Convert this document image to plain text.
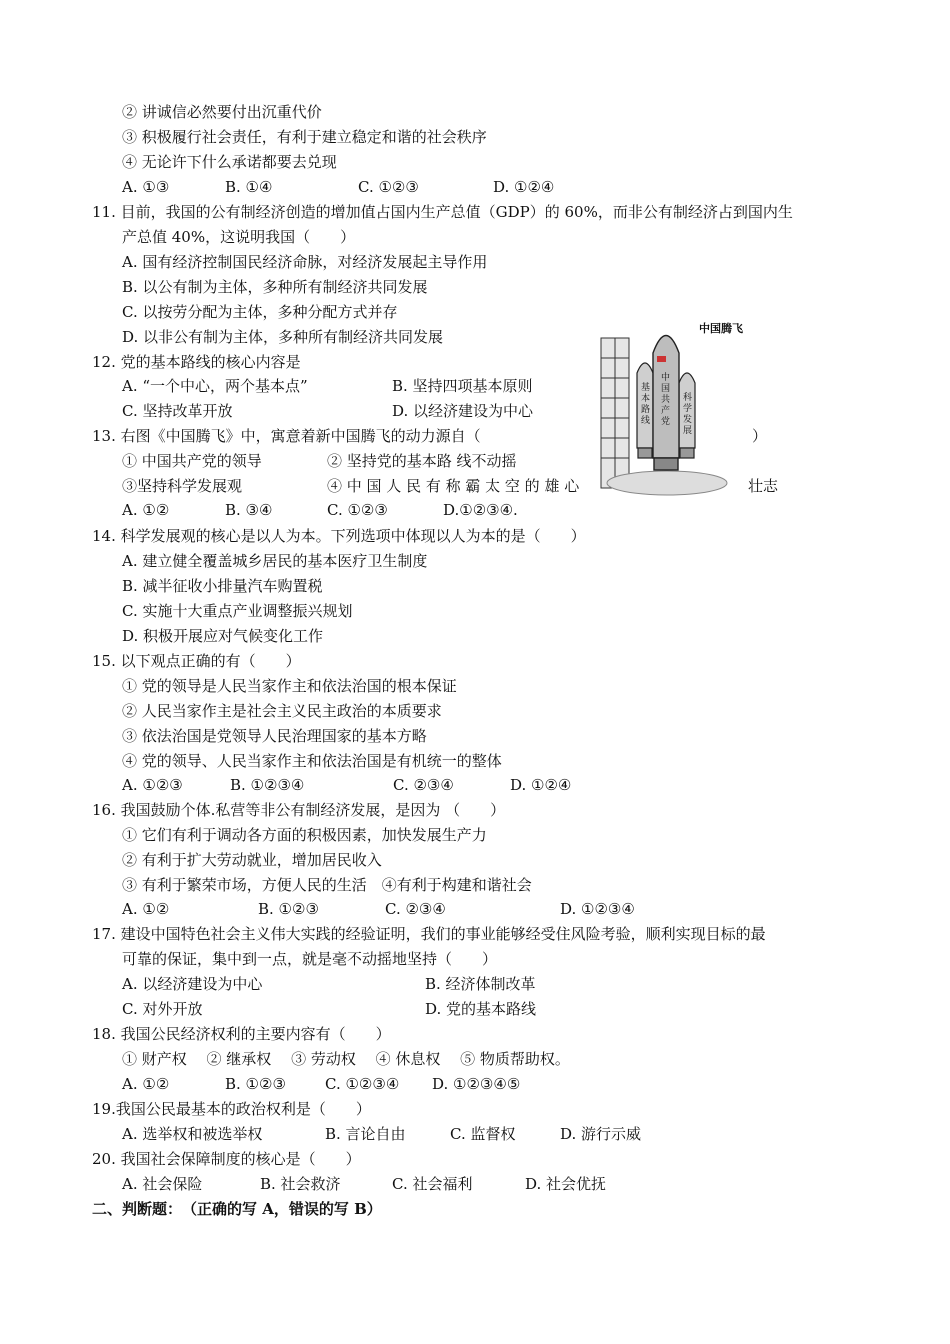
② 讲诚信必然要付出沉重代价
③ 积极履行社会责任，有利于建立稳定和谐的社会秩序
④ 无论许下什么承诺都要去兑现
11. 目前，我国的公有制经济创造的增加值占国内生产总值（GDP）的 60%，而非公有制经济占到国内生
产总值 40%，这说明我国（　　）
A. 国有经济控制国民经济命脉，对经济发展起主导作用
B. 以公有制为主体，多种所有制经济共同发展
C. 以按劳分配为主体，多种分配方式并存
D. 以非公有制为主体，多种所有制经济共同发展
12. 党的基本路线的核心内容是
13. 右图《中国腾飞》中，寓意着新中国腾飞的动力源自（	）
14. 科学发展观的核心是以人为本。下列选项中体现以人为本的是（　　）
A. 建立健全覆盖城乡居民的基本医疗卫生制度
B. 减半征收小排量汽车购置税
C. 实施十大重点产业调整振兴规划
D. 积极开展应对气候变化工作
15. 以下观点正确的有（　　）
① 党的领导是人民当家作主和依法治国的根本保证
② 人民当家作主是社会主义民主政治的本质要求
③ 依法治国是党领导人民治理国家的基本方略
④ 党的领导、人民当家作主和依法治国是有机统一的整体
16. 我国鼓励个体.私营等非公有制经济发展，是因为 （　　）
① 它们有利于调动各方面的积极因素，加快发展生产力
② 有利于扩大劳动就业，增加居民收入
③ 有利于繁荣市场，方便人民的生活　④有利于构建和谐社会
17. 建设中国特色社会主义伟大实践的经验证明，我们的事业能够经受住风险考验，顺利实现目标的最
可靠的保证，集中到一点，就是毫不动摇地坚持（　　）
18. 我国公民经济权利的主要内容有（　　）
① 财产权　 ② 继承权　 ③ 劳动权　 ④ 休息权　 ⑤ 物质帮助权。
19.我国公民最基本的政治权利是（　　）
20. 我国社会保障制度的核心是（　　）
A. ①③	B. ①④	C. ①②③	D. ①②④
A. “一个中心，两个基本点”	B. 坚持四项基本原则
C. 坚持改革开放	D. 以经济建设为中心
① 中国共产党的领导	② 坚持党的基本路 线不动摇
③坚持科学发展观	④ 中 国 人 民 有 称 霸 太 空 的 雄 心	壮志
A. ①②	B. ③④	C. ①②③	D.①②③④.
A. ①②③	B. ①②③④	C. ②③④	D. ①②④
A. ①②	B. ①②③	C. ②③④	D. ①②③④
A. 以经济建设为中心	B. 经济体制改革
C. 对外开放	D. 党的基本路线
A. ①②	B. ①②③	C. ①②③④ D. ①②③④⑤
A. 选举权和被选举权	B. 言论自由	C. 监督权	D. 游行示威
A. 社会保险	B. 社会救济	C. 社会福利	D. 社会优抚
二、判断题：　（正确的写 A，错误的写 B）
中国腾飞
中国共产党
基本路线
科学发展
